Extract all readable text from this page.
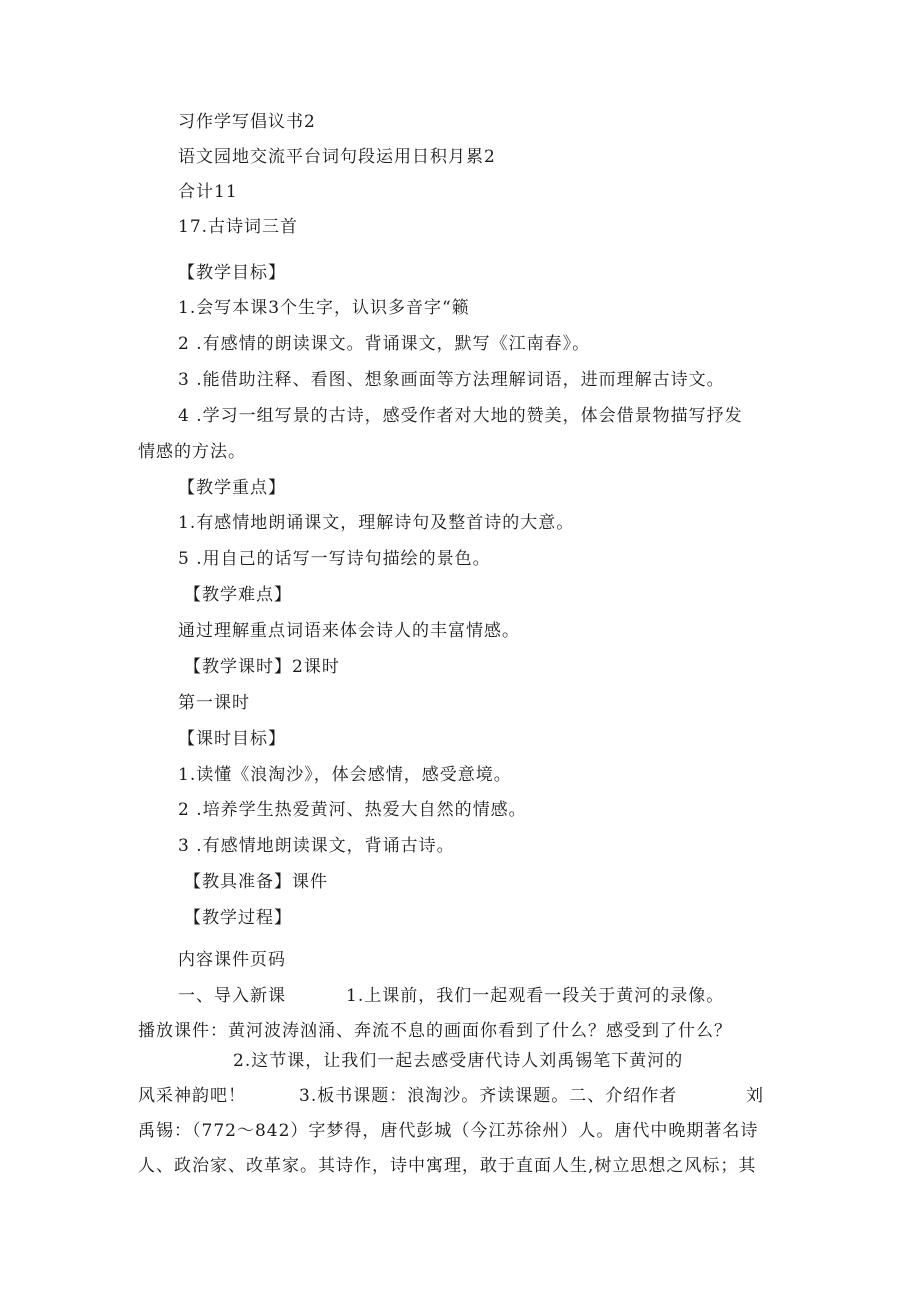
习作学写倡议书2
语文园地交流平台词句段运用日积月累2
合计11
17.古诗词三首
【教学目标】
1.会写本课3个生字，认识多音字“籁
2 .有感情的朗读课文。背诵课文，默写《江南春》。
3 .能借助注释、看图、想象画面等方法理解词语，进而理解古诗文。
4 .学习一组写景的古诗，感受作者对大地的赞美，体会借景物描写抒发
情感的方法。
【教学重点】
1.有感情地朗诵课文，理解诗句及整首诗的大意。
5 .用自己的话写一写诗句描绘的景色。
【教学难点】
通过理解重点词语来体会诗人的丰富情感。
【教学课时】2课时
第一课时
【课时目标】
1.读懂《浪淘沙》，体会感情，感受意境。
2 .培养学生热爱黄河、热爱大自然的情感。
3 .有感情地朗读课文，背诵古诗。
【教具准备】课件
【教学过程】
内容课件页码
一、导入新课	1.上课前，我们一起观看一段关于黄河的录像。
播放课件：黄河波涛汹涌、奔流不息的画面你看到了什么？感受到了什么？
2.这节课，让我们一起去感受唐代诗人刘禹锡笔下黄河的
风采神韵吧！	3.板书课题：浪淘沙。齐读课题。二、介绍作者	刘
禹锡：（772～842）字梦得，唐代彭城（今江苏徐州）人。唐代中晚期著名诗
人、政治家、改革家。其诗作，诗中寓理，敢于直面人生,树立思想之风标；其
